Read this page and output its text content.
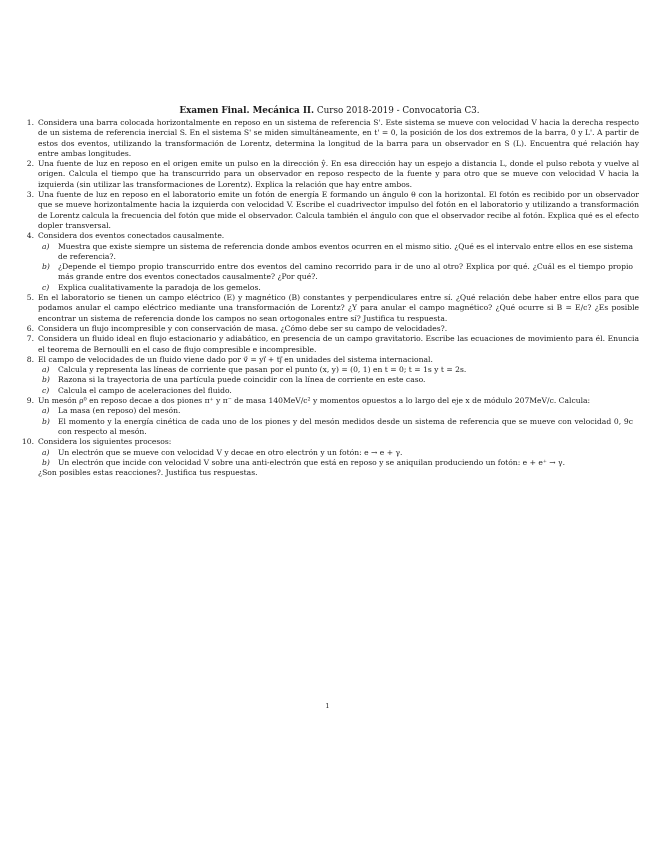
Examen Final. Mecánica II. Curso 2018-2019 - Convocatoria C3.
1. Considera una barra colocada horizontalmente en reposo en un sistema de referencia S'. Este sistema se mueve con velocidad V hacia la derecha respecto de un sistema de referencia inercial S. En el sistema S' se miden simultáneamente, en t' = 0, la posición de los dos extremos de la barra, 0 y L'. A partir de estos dos eventos, utilizando la transformación de Lorentz, determina la longitud de la barra para un observador en S (L). Encuentra qué relación hay entre ambas longitudes.
2. Una fuente de luz en reposo en el origen emite un pulso en la dirección ŷ. En esa dirección hay un espejo a distancia L, donde el pulso rebota y vuelve al origen. Calcula el tiempo que ha transcurrido para un observador en reposo respecto de la fuente y para otro que se mueve con velocidad V hacia la izquierda (sin utilizar las transformaciones de Lorentz). Explica la relación que hay entre ambos.
3. Una fuente de luz en reposo en el laboratorio emite un fotón de energía E formando un ángulo θ con la horizontal. El fotón es recibido por un observador que se mueve horizontalmente hacia la izquierda con velocidad V. Escribe el cuadrivector impulso del fotón en el laboratorio y utilizando a transformación de Lorentz calcula la frecuencia del fotón que mide el observador. Calcula también el ángulo con que el observador recibe al fotón. Explica qué es el efecto dopler transversal.
4. Considera dos eventos conectados causalmente.
a) Muestra que existe siempre un sistema de referencia donde ambos eventos ocurren en el mismo sitio. ¿Qué es el intervalo entre ellos en ese sistema de referencia?.
b) ¿Depende el tiempo propio transcurrido entre dos eventos del camino recorrido para ir de uno al otro? Explica por qué. ¿Cuál es el tiempo propio más grande entre dos eventos conectados causalmente? ¿Por qué?.
c) Explica cualitativamente la paradoja de los gemelos.
5. En el laboratorio se tienen un campo eléctrico (E) y magnético (B) constantes y perpendiculares entre sí. ¿Qué relación debe haber entre ellos para que podamos anular el campo eléctrico mediante una transformación de Lorentz? ¿Y para anular el campo magnético? ¿Qué ocurre si B = E/c? ¿Es posible encontrar un sistema de referencia donde los campos no sean ortogonales entre sí? Justifica tu respuesta.
6. Considera un flujo incompresible y con conservación de masa. ¿Cómo debe ser su campo de velocidades?.
7. Considera un fluido ideal en flujo estacionario y adiabático, en presencia de un campo gravitatorio. Escribe las ecuaciones de movimiento para él. Enuncia el teorema de Bernoulli en el caso de flujo compresible e incompresible.
8. El campo de velocidades de un fluido viene dado por v⃗ = yi⃗ + tj⃗ en unidades del sistema internacional.
a) Calcula y representa las líneas de corriente que pasan por el punto (x, y) = (0, 1) en t = 0; t = 1s y t = 2s.
b) Razona si la trayectoria de una partícula puede coincidir con la línea de corriente en este caso.
c) Calcula el campo de aceleraciones del fluido.
9. Un mesón ρ⁰ en reposo decae a dos piones π⁺ y π⁻ de masa 140MeV/c² y momentos opuestos a lo largo del eje x de módulo 207MeV/c. Calcula:
a) La masa (en reposo) del mesón.
b) El momento y la energía cinética de cada uno de los piones y del mesón medidos desde un sistema de referencia que se mueve con velocidad 0, 9c con respecto al mesón.
10. Considera los siguientes procesos:
a) Un electrón que se mueve con velocidad V y decae en otro electrón y un fotón: e → e + γ.
b) Un electrón que incide con velocidad V sobre una anti-electrón que está en reposo y se aniquilan produciendo un fotón: e + e⁺ → γ.
¿Son posibles estas reacciones?. Justifica tus respuestas.
1
